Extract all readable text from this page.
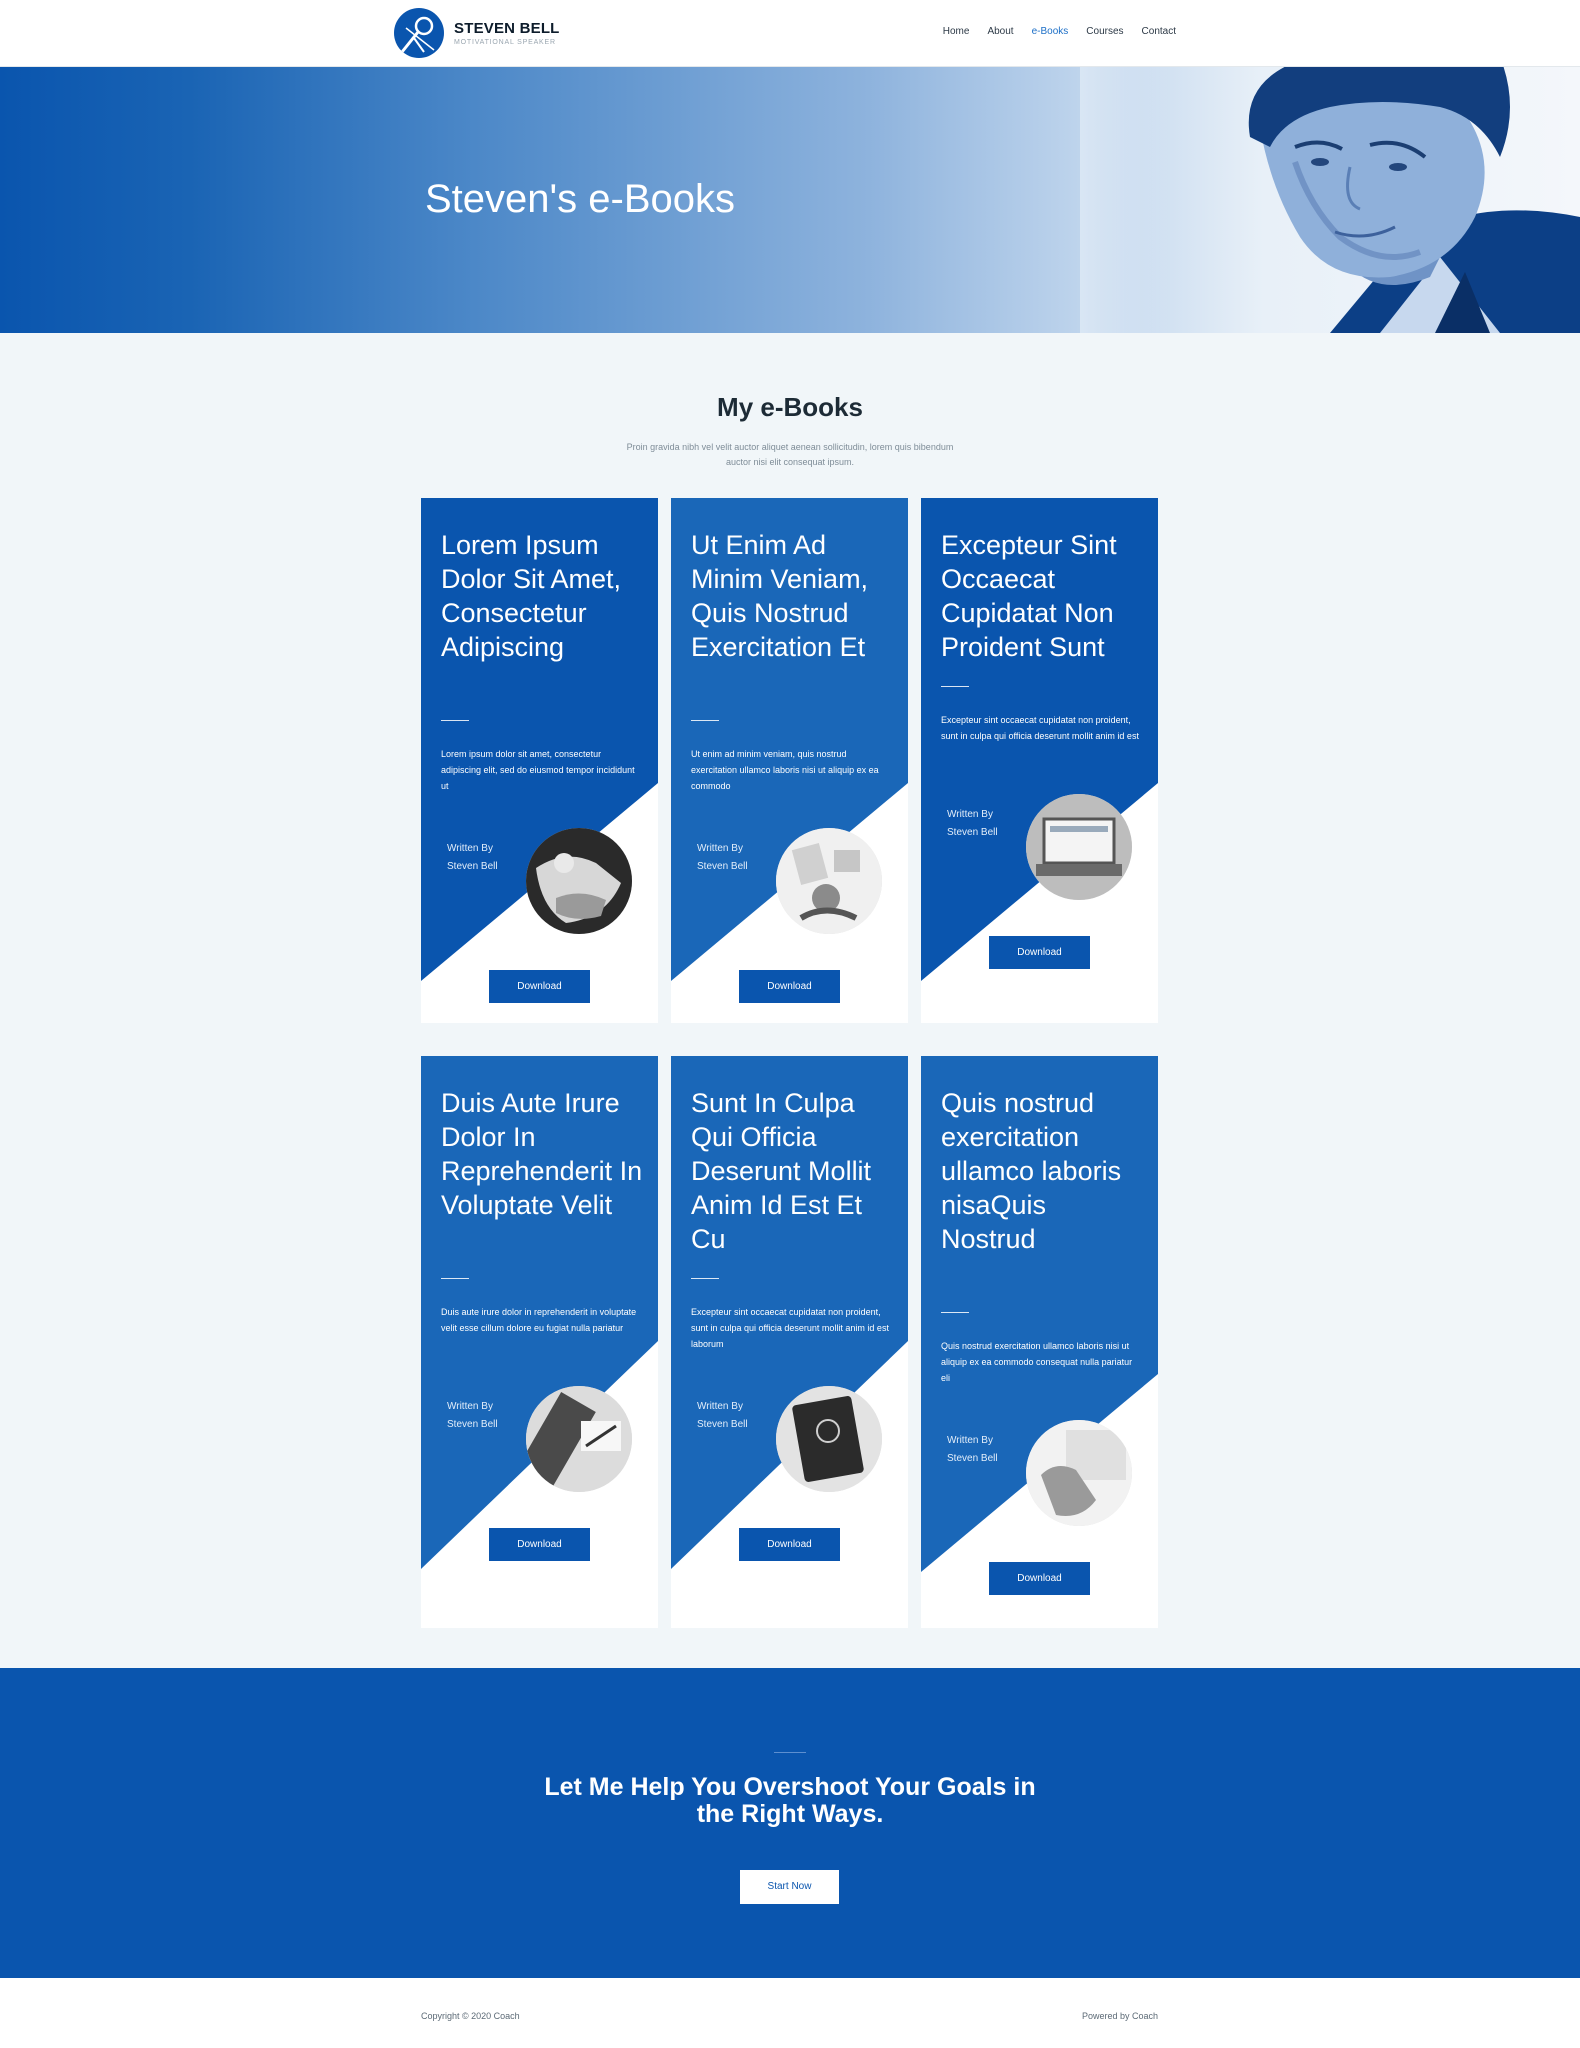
STEVEN BELL
MOTIVATIONAL SPEAKER
Home About e-Books Courses Contact
Steven's e-Books
My e-Books

Proin gravida nibh vel velit auctor aliquet aenean sollicitudin, lorem quis bibendum auctor nisi elit consequat ipsum.

Lorem Ipsum Dolor Sit Amet, Consectetur Adipiscing
Lorem ipsum dolor sit amet, consectetur adipiscing elit, sed do eiusmod tempor incididunt ut
Written By
Steven Bell
Download
Ut Enim Ad Minim Veniam, Quis Nostrud Exercitation Et
Ut enim ad minim veniam, quis nostrud exercitation ullamco laboris nisi ut aliquip ex ea commodo
Written By
Steven Bell
Download
Excepteur Sint Occaecat Cupidatat Non Proident Sunt
Excepteur sint occaecat cupidatat non proident, sunt in culpa qui officia deserunt mollit anim id est
Written By
Steven Bell
Download
Duis Aute Irure Dolor In Reprehenderit In Voluptate Velit
Duis aute irure dolor in reprehenderit in voluptate velit esse cillum dolore eu fugiat nulla pariatur
Written By
Steven Bell
Download
Sunt In Culpa Qui Officia Deserunt Mollit Anim Id Est Et Cu
Excepteur sint occaecat cupidatat non proident, sunt in culpa qui officia deserunt mollit anim id est laborum
Written By
Steven Bell
Download
Quis nostrud exercitation ullamco laboris nisaQuis Nostrud
Quis nostrud exercitation ullamco laboris nisi ut aliquip ex ea commodo consequat nulla pariatur eli
Written By
Steven Bell
Download
Let Me Help You Overshoot Your Goals in the Right Ways.
Start Now
Copyright © 2020 Coach	Powered by Coach
